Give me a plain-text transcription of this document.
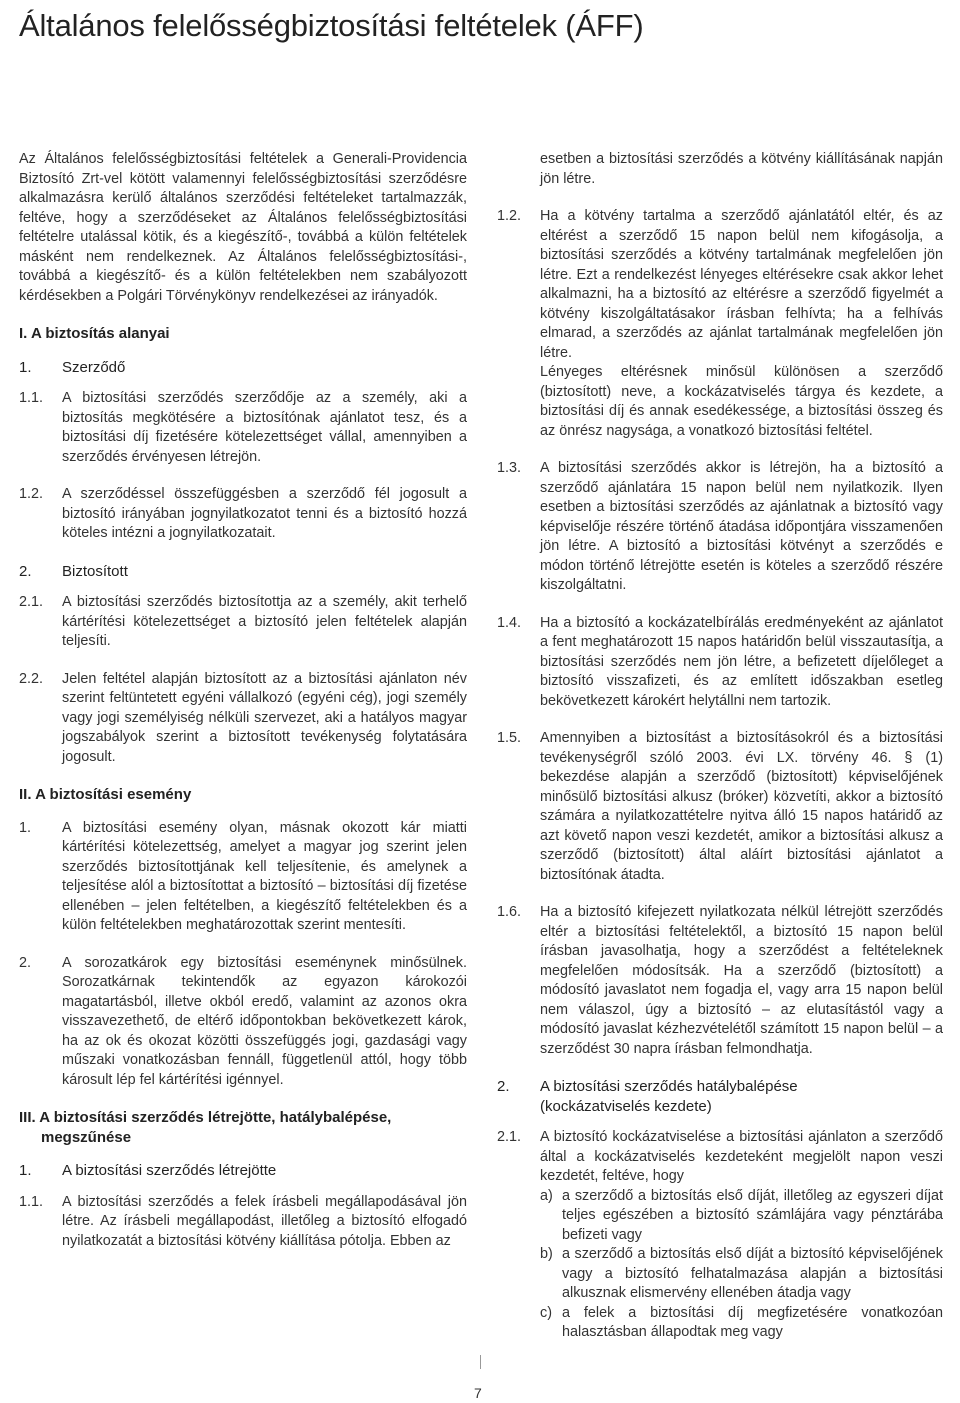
Általános felelősségbiztosítási feltételek (ÁFF)

Az Általános felelősségbiztosítási feltételek a Generali-Providencia Biztosító Zrt-vel kötött valamennyi felelősségbiztosítási szerződésre alkalmazásra kerülő általános szerződési feltételeket tartalmazzák, feltéve, hogy a szerződéseket az Általános felelősségbiztosítási feltételre utalással kötik, és a kiegészítő-, továbbá a külön feltételek másként nem rendelkeznek. Az Általános felelősségbiztosítási-, továbbá a kiegészítő- és a külön feltételekben nem szabályozott kérdésekben a Polgári Törvénykönyv rendelkezései az irányadók.

I. A biztosítás alanyai
1.	Szerződő
1.1.	A biztosítási szerződés szerződője az a személy, aki a biztosítás megkötésére a biztosítónak ajánlatot tesz, és a biztosítási díj fizetésére kötelezettséget vállal, amennyiben a szerződés érvényesen létrejön.
1.2.	A szerződéssel összefüggésben a szerződő fél jogosult a biztosító irányában jognyilatkozatot tenni és a biztosító hozzá köteles intézni a jognyilatkozatait.
2.	Biztosított
2.1.	A biztosítási szerződés biztosítottja az a személy, akit terhelő kártérítési kötelezettséget a biztosító jelen feltételek alapján teljesíti.
2.2.	Jelen feltétel alapján biztosított az a biztosítási ajánlaton név szerint feltüntetett egyéni vállalkozó (egyéni cég), jogi személy vagy jogi személyiség nélküli szervezet, aki a hatályos magyar jogszabályok szerint a biztosított tevékenység folytatására jogosult.
II. A biztosítási esemény
1.	A biztosítási esemény olyan, másnak okozott kár miatti kártérítési kötelezettség, amelyet a magyar jog szerint jelen szerződés biztosítottjának kell teljesítenie, és amelynek a teljesítése alól a biztosítottat a biztosító – biztosítási díj fizetése ellenében – jelen feltételben, a kiegészítő feltételekben és a külön feltételekben meghatározottak szerint mentesíti.
2.	A sorozatkárok egy biztosítási eseménynek minősülnek. Sorozatkárnak tekintendők az egyazon károkozói magatartásból, illetve okból eredő, valamint az azonos okra visszavezethető, de eltérő időpontokban bekövetkezett károk, ha az ok és okozat közötti összefüggés jogi, gazdasági vagy műszaki vonatkozásban fennáll, függetlenül attól, hogy több károsult lép fel kártérítési igénnyel.
III. A biztosítási szerződés létrejötte, hatálybalépése,
megszűnése
1.	A biztosítási szerződés létrejötte
1.1.	A biztosítási szerződés a felek írásbeli megállapodásával jön létre. Az írásbeli megállapodást, illetőleg a biztosító elfogadó nyilatkozatát a biztosítási kötvény kiállítása pótolja. Ebben az
esetben a biztosítási szerződés a kötvény kiállításának napján jön létre.
1.2.	Ha a kötvény tartalma a szerződő ajánlatától eltér, és az eltérést a szerződő 15 napon belül nem kifogásolja, a biztosítási szerződés a kötvény tartalmának megfelelően jön létre. Ezt a rendelkezést lényeges eltérésekre csak akkor lehet alkalmazni, ha a biztosító az eltérésre a szerződő figyelmét a kötvény kiszolgáltatásakor írásban felhívta; ha a felhívás elmarad, a szerződés az ajánlat tartalmának megfelelően jön létre.
Lényeges eltérésnek minősül különösen a szerződő (biztosított) neve, a kockázatviselés tárgya és kezdete, a biztosítási díj és annak esedékessége, a biztosítási összeg és az önrész nagysága, a vonatkozó biztosítási feltétel.
1.3.	A biztosítási szerződés akkor is létrejön, ha a biztosító a szerződő ajánlatára 15 napon belül nem nyilatkozik. Ilyen esetben a biztosítási szerződés az ajánlatnak a biztosító vagy képviselője részére történő átadása időpontjára visszamenően jön létre. A biztosító a biztosítási kötvényt a szerződés e módon történő létrejötte esetén is köteles a szerződő részére kiszolgáltatni.
1.4.	Ha a biztosító a kockázatelbírálás eredményeként az ajánlatot a fent meghatározott 15 napos határidőn belül visszautasítja, a biztosítási szerződés nem jön létre, a befizetett díjelőleget a biztosító visszafizeti, és az említett időszakban esetleg bekövetkezett károkért helytállni nem tartozik.
1.5.	Amennyiben a biztosítást a biztosításokról és a biztosítási tevékenységről szóló 2003. évi LX. törvény 46. § (1) bekezdése alapján a szerződő (biztosított) képviselőjének minősülő biztosítási alkusz (bróker) közvetíti, akkor a biztosító számára a nyilatkozattételre nyitva álló 15 napos határidő az azt követő napon veszi kezdetét, amikor a biztosítási alkusz a szerződő (biztosított) által aláírt biztosítási ajánlatot a biztosítónak átadta.
1.6.	Ha a biztosító kifejezett nyilatkozata nélkül létrejött szerződés eltér a biztosítási feltételektől, a biztosító 15 napon belül írásban javasolhatja, hogy a szerződést a feltételeknek megfelelően módosítsák. Ha a szerződő (biztosított) a módosító javaslatot nem fogadja el, vagy arra 15 napon belül nem válaszol, úgy a biztosító – az elutasítástól vagy a módosító javaslat kézhezvételétől számított 15 napon belül – a szerződést 30 napra írásban felmondhatja.
2.	A biztosítási szerződés hatálybalépése
(kockázatviselés kezdete)
2.1.	A biztosító kockázatviselése a biztosítási ajánlaton a szerződő által a kockázatviselés kezdeteként megjelölt napon veszi kezdetét, feltéve, hogy
a) a szerződő a biztosítás első díját, illetőleg az egyszeri díjat teljes egészében a biztosító számlájára vagy pénztárába befizeti vagy
b) a szerződő a biztosítás első díját a biztosító képviselőjének vagy a biztosító felhatalmazása alapján a biztosítási alkusznak elismervény ellenében átadja vagy
c) a felek a biztosítási díj megfizetésére vonatkozóan halasztásban állapodtak meg vagy
7
